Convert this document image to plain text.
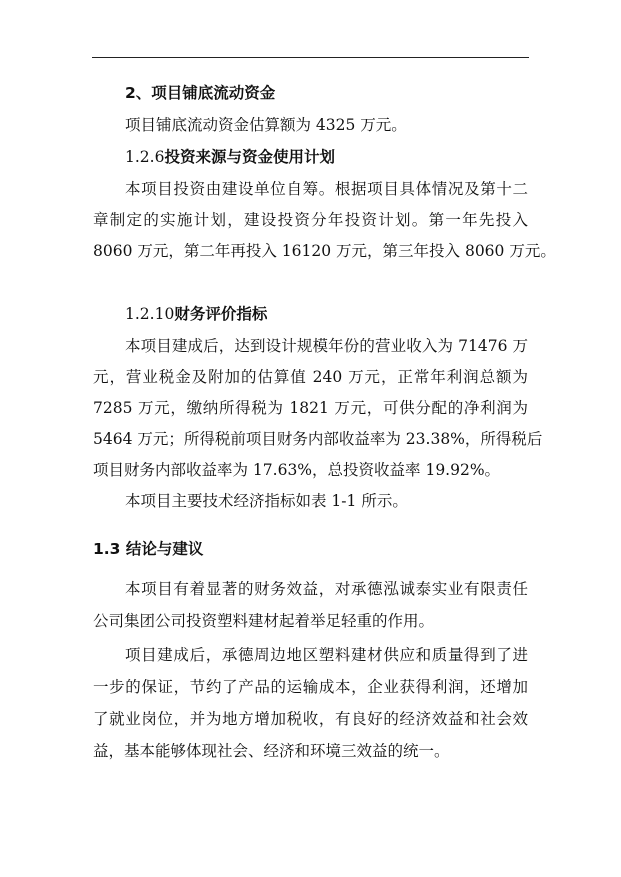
2、项目铺底流动资金
项目铺底流动资金估算额为 4325 万元。
1.2.6投资来源与资金使用计划
本项目投资由建设单位自筹。根据项目具体情况及第十二
章制定的实施计划，建设投资分年投资计划。第一年先投入
8060 万元，第二年再投入 16120 万元，第三年投入 8060 万元。
1.2.10财务评价指标
本项目建成后，达到设计规模年份的营业收入为 71476 万
元，营业税金及附加的估算值 240 万元，正常年利润总额为
7285 万元，缴纳所得税为 1821 万元，可供分配的净利润为
5464 万元；所得税前项目财务内部收益率为 23.38%，所得税后
项目财务内部收益率为 17.63%，总投资收益率 19.92%。
本项目主要技术经济指标如表 1-1 所示。
1.3 结论与建议
本项目有着显著的财务效益，对承德泓诚泰实业有限责任
公司集团公司投资塑料建材起着举足轻重的作用。
项目建成后，承德周边地区塑料建材供应和质量得到了进
一步的保证，节约了产品的运输成本，企业获得利润，还增加
了就业岗位，并为地方增加税收，有良好的经济效益和社会效
益，基本能够体现社会、经济和环境三效益的统一。
